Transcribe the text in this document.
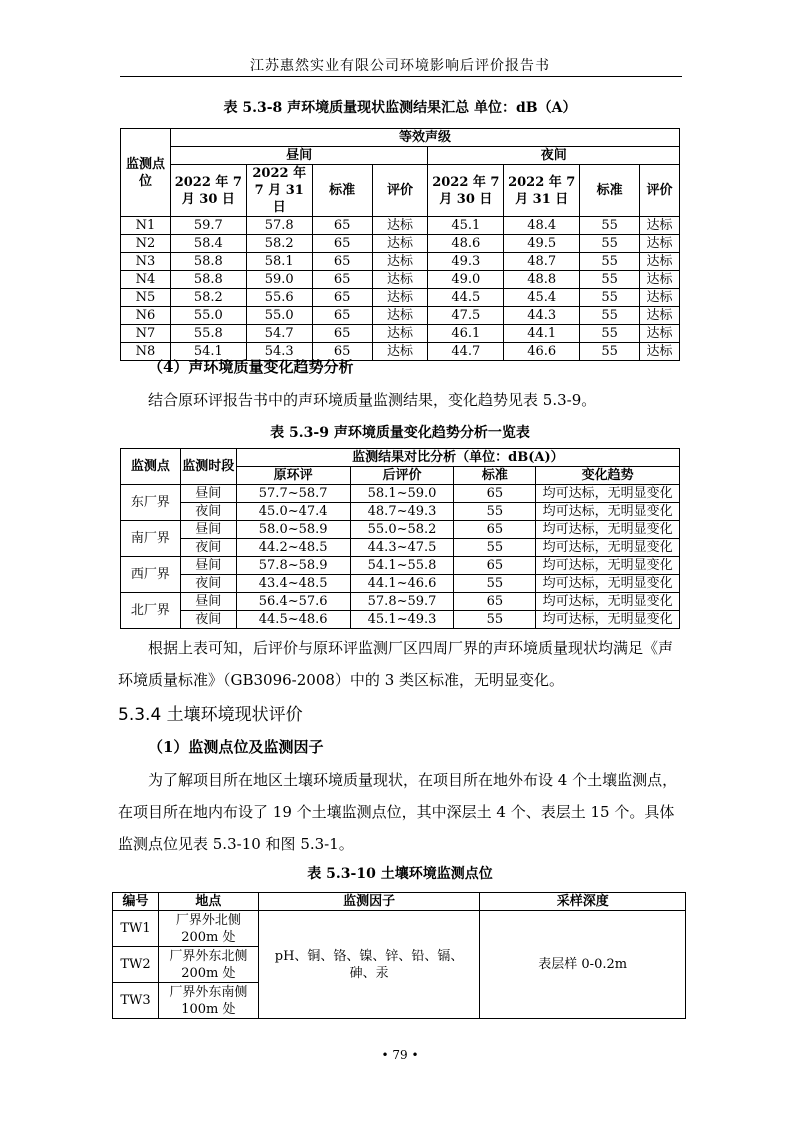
江苏惠然实业有限公司环境影响后评价报告书
表 5.3-8 声环境质量现状监测结果汇总 单位：dB（A）
监测点位	等效声级							
	昼间				夜间			
	2022 年 7 月 30 日	2022 年 7 月 31 日	标准	评价	2022 年 7 月 30 日	2022 年 7 月 31 日	标准	评价
N1	59.7	57.8	65	达标	45.1	48.4	55	达标
N2	58.4	58.2	65	达标	48.6	49.5	55	达标
N3	58.8	58.1	65	达标	49.3	48.7	55	达标
N4	58.8	59.0	65	达标	49.0	48.8	55	达标
N5	58.2	55.6	65	达标	44.5	45.4	55	达标
N6	55.0	55.0	65	达标	47.5	44.3	55	达标
N7	55.8	54.7	65	达标	46.1	44.1	55	达标
N8	54.1	54.3	65	达标	44.7	46.6	55	达标
（4）声环境质量变化趋势分析
结合原环评报告书中的声环境质量监测结果，变化趋势见表 5.3-9。
表 5.3-9 声环境质量变化趋势分析一览表
监测点	监测时段	监测结果对比分析（单位：dB(A)）			
		原环评	后评价	标准	变化趋势
东厂界	昼间	57.7~58.7	58.1~59.0	65	均可达标，无明显变化
	夜间	45.0~47.4	48.7~49.3	55	均可达标，无明显变化
南厂界	昼间	58.0~58.9	55.0~58.2	65	均可达标，无明显变化
	夜间	44.2~48.5	44.3~47.5	55	均可达标，无明显变化
西厂界	昼间	57.8~58.9	54.1~55.8	65	均可达标，无明显变化
	夜间	43.4~48.5	44.1~46.6	55	均可达标，无明显变化
北厂界	昼间	56.4~57.6	57.8~59.7	65	均可达标，无明显变化
	夜间	44.5~48.6	45.1~49.3	55	均可达标，无明显变化
根据上表可知，后评价与原环评监测厂区四周厂界的声环境质量现状均满足《声环境质量标准》（GB3096-2008）中的 3 类区标准，无明显变化。
5.3.4 土壤环境现状评价
（1）监测点位及监测因子
为了解项目所在地区土壤环境质量现状，在项目所在地外布设 4 个土壤监测点，在项目所在地内布设了 19 个土壤监测点位，其中深层土 4 个、表层土 15 个。具体监测点位见表 5.3-10 和图 5.3-1。
表 5.3-10 土壤环境监测点位
编号	地点	监测因子	采样深度
TW1	厂界外北侧 200m 处	pH、铜、铬、镍、锌、铅、镉、砷、汞	表层样 0-0.2m
TW2	厂界外东北侧 200m 处		
TW3	厂界外东南侧 100m 处		
• 79 •
